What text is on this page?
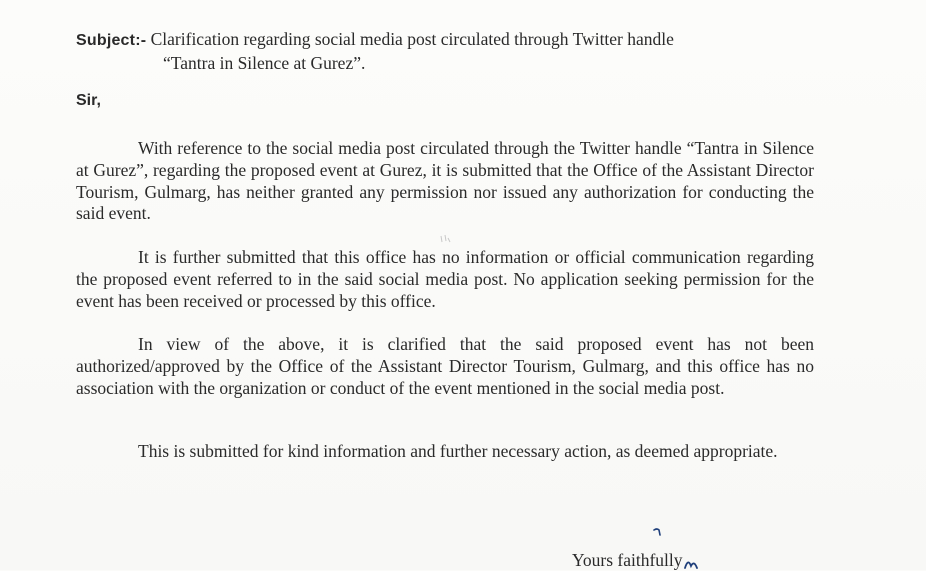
Subject:- Clarification regarding social media post circulated through Twitter handle
“Tantra in Silence at Gurez”.
Sir,

With reference to the social media post circulated through the Twitter handle “Tantra in Silence at Gurez”, regarding the proposed event at Gurez, it is submitted that the Office of the Assistant Director Tourism, Gulmarg, has neither granted any permission nor issued any authorization for conducting the said event.

It is further submitted that this office has no information or official communication regarding the proposed event referred to in the said social media post. No application seeking permission for the event has been received or processed by this office.

In view of the above, it is clarified that the said proposed event has not been authorized/approved by the Office of the Assistant Director Tourism, Gulmarg, and this office has no association with the organization or conduct of the event mentioned in the social media post.

This is submitted for kind information and further necessary action, as deemed appropriate.

Yours faithfully
